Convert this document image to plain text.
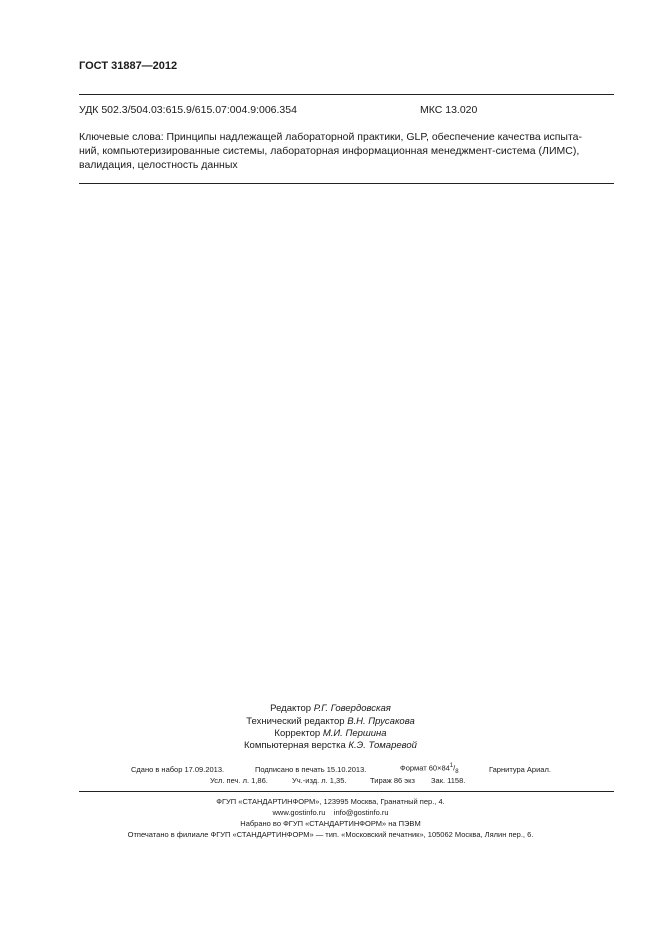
ГОСТ 31887—2012
УДК 502.3/504.03:615.9/615.07:004.9:006.354	МКС 13.020
Ключевые слова: Принципы надлежащей лабораторной практики, GLP, обеспечение качества испыта-
ний, компьютеризированные системы, лабораторная информационная менеджмент-система (ЛИМС),
валидация, целостность данных
Редактор Р.Г. Говердовская
Технический редактор В.Н. Прусакова
Корректор М.И. Першина
Компьютерная верстка К.Э. Томаревой
Сдано в набор 17.09.2013.	Подписано в печать 15.10.2013.	Формат $60\times 84^1/_8$	Гарнитура Ариал.
Усл. печ. л. 1,86.	Уч.-изд. л. 1,35.	Тираж 86 экз Зак. 1158.
ФГУП «СТАНДАРТИНФОРМ», 123995 Москва, Гранатный пер., 4.
www.gostinfo.ru info@gostinfo.ru
Набрано во ФГУП «СТАНДАРТИНФОРМ» на ПЭВМ
Отпечатано в филиале ФГУП «СТАНДАРТИНФОРМ» — тип. «Московский печатник», 105062 Москва, Лялин пер., 6.
